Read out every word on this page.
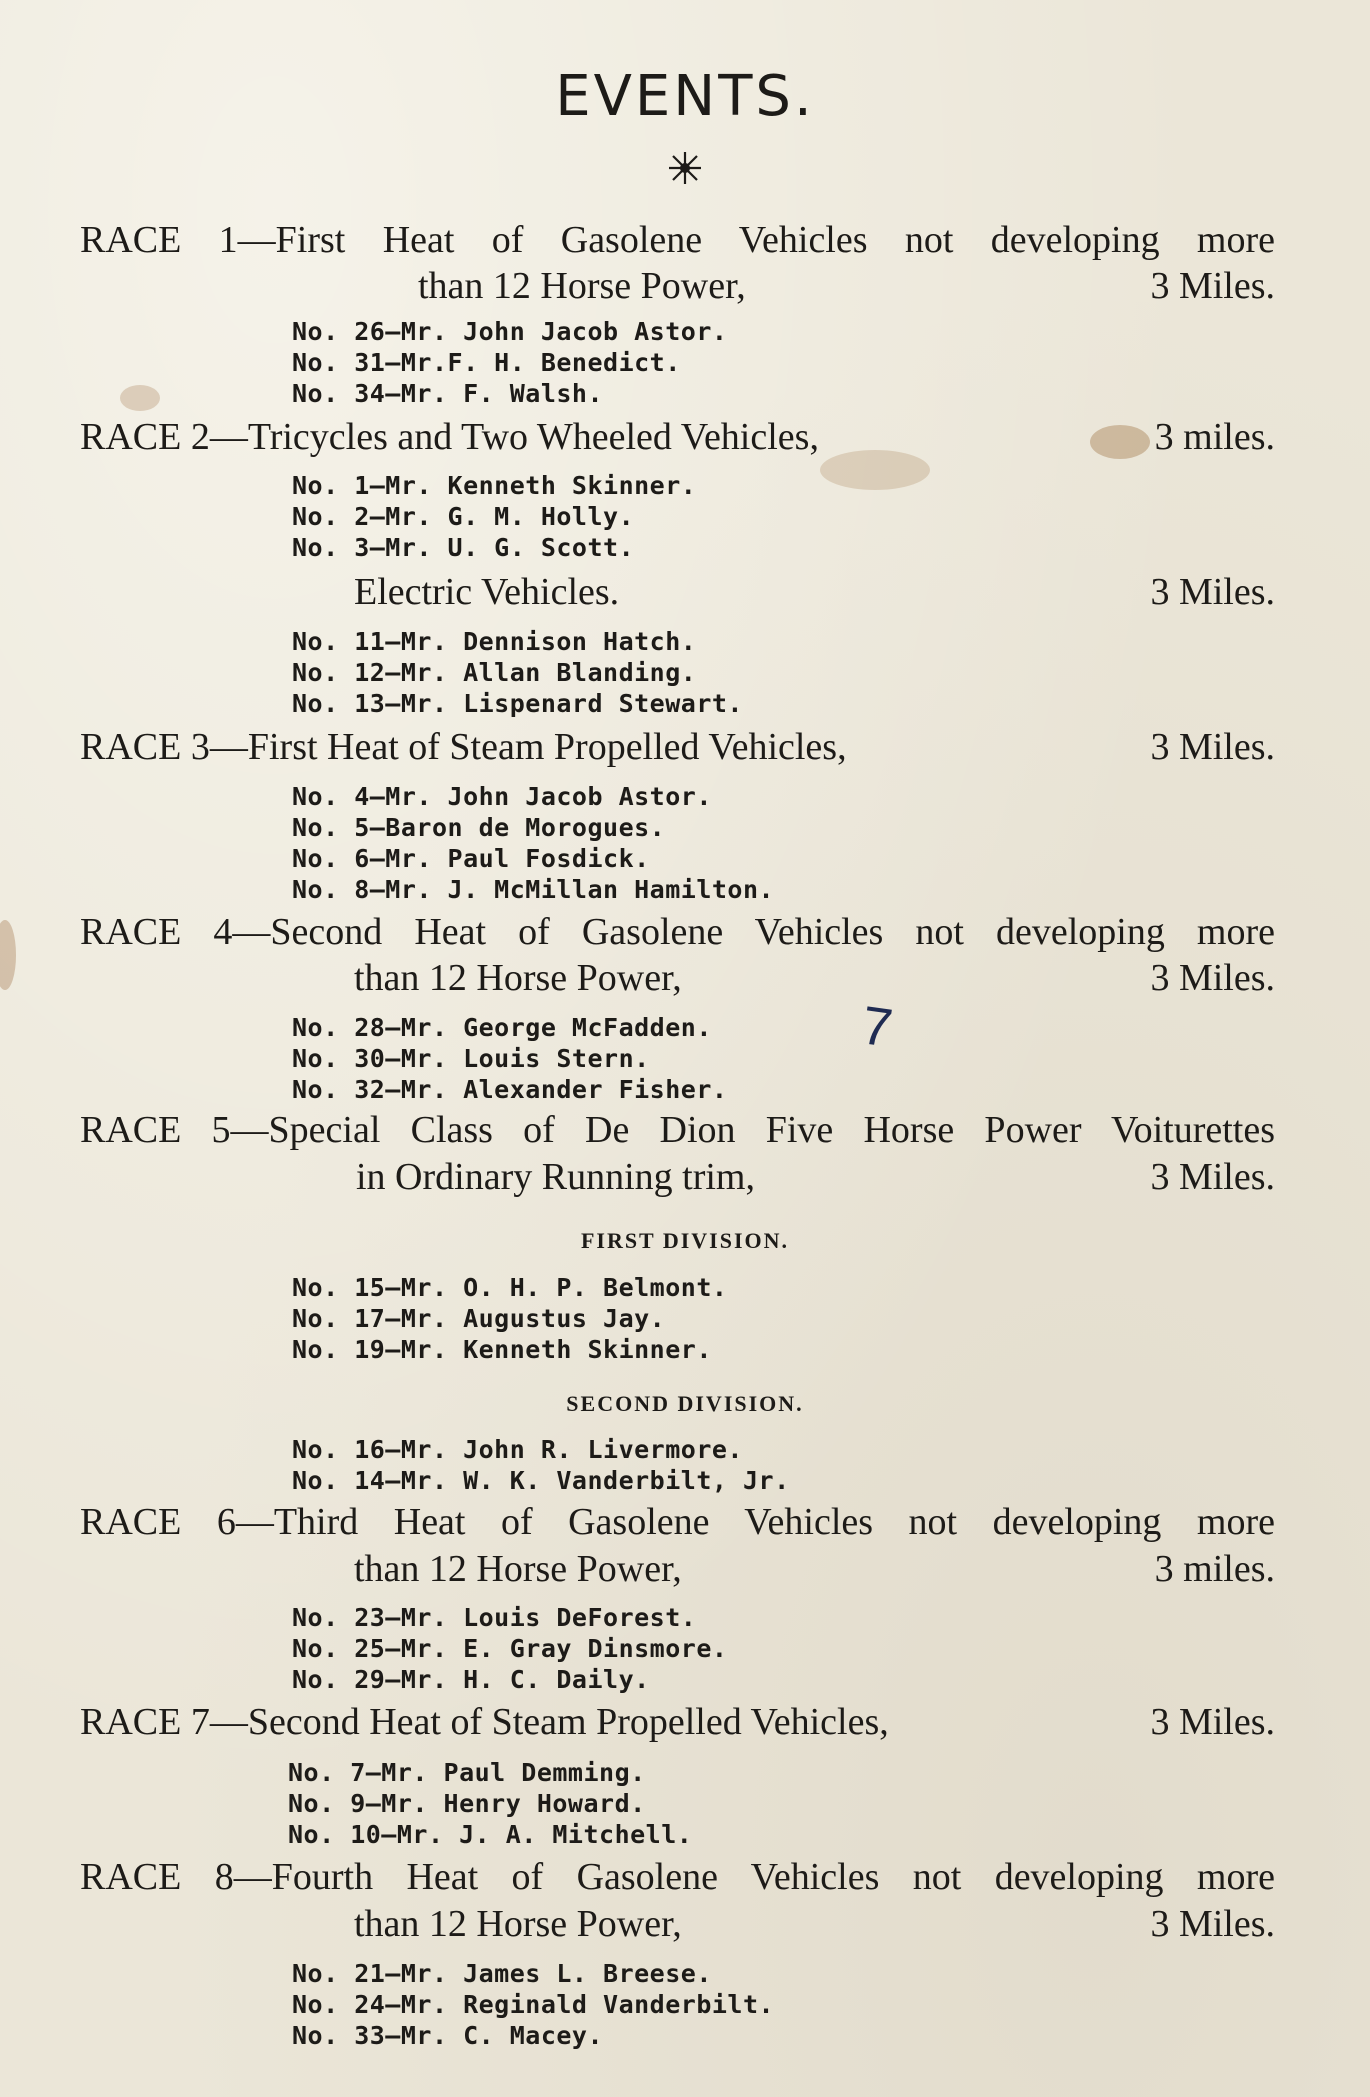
EVENTS.
RACE 1—First Heat of Gasolene Vehicles not developing more
than 12 Horse Power,	3 Miles.
No. 26—Mr. John Jacob Astor.
No. 31—Mr.F. H. Benedict.
No. 34—Mr. F. Walsh.
RACE 2—Tricycles and Two Wheeled Vehicles,	3 miles.
No. 1—Mr. Kenneth Skinner.
No. 2—Mr. G. M. Holly.
No. 3—Mr. U. G. Scott.
Electric Vehicles.	3 Miles.
No. 11—Mr. Dennison Hatch.
No. 12—Mr. Allan Blanding.
No. 13—Mr. Lispenard Stewart.
RACE 3—First Heat of Steam Propelled Vehicles,	3 Miles.
No. 4—Mr. John Jacob Astor.
No. 5—Baron de Morogues.
No. 6—Mr. Paul Fosdick.
No. 8—Mr. J. McMillan Hamilton.
RACE 4—Second Heat of Gasolene Vehicles not developing more
than 12 Horse Power,	3 Miles.
No. 28—Mr. George McFadden.
No. 30—Mr. Louis Stern.
No. 32—Mr. Alexander Fisher.
7
RACE 5—Special Class of De Dion Five Horse Power Voiturettes
in Ordinary Running trim,	3 Miles.
FIRST DIVISION.
No. 15—Mr. O. H. P. Belmont.
No. 17—Mr. Augustus Jay.
No. 19—Mr. Kenneth Skinner.
SECOND DIVISION.
No. 16—Mr. John R. Livermore.
No. 14—Mr. W. K. Vanderbilt, Jr.
RACE 6—Third Heat of Gasolene Vehicles not developing more
than 12 Horse Power,	3 miles.
No. 23—Mr. Louis DeForest.
No. 25—Mr. E. Gray Dinsmore.
No. 29—Mr. H. C. Daily.
RACE 7—Second Heat of Steam Propelled Vehicles,	3 Miles.
No. 7—Mr. Paul Demming.
No. 9—Mr. Henry Howard.
No. 10—Mr. J. A. Mitchell.
RACE 8—Fourth Heat of Gasolene Vehicles not developing more
than 12 Horse Power,	3 Miles.
No. 21—Mr. James L. Breese.
No. 24—Mr. Reginald Vanderbilt.
No. 33—Mr. C. Macey.
